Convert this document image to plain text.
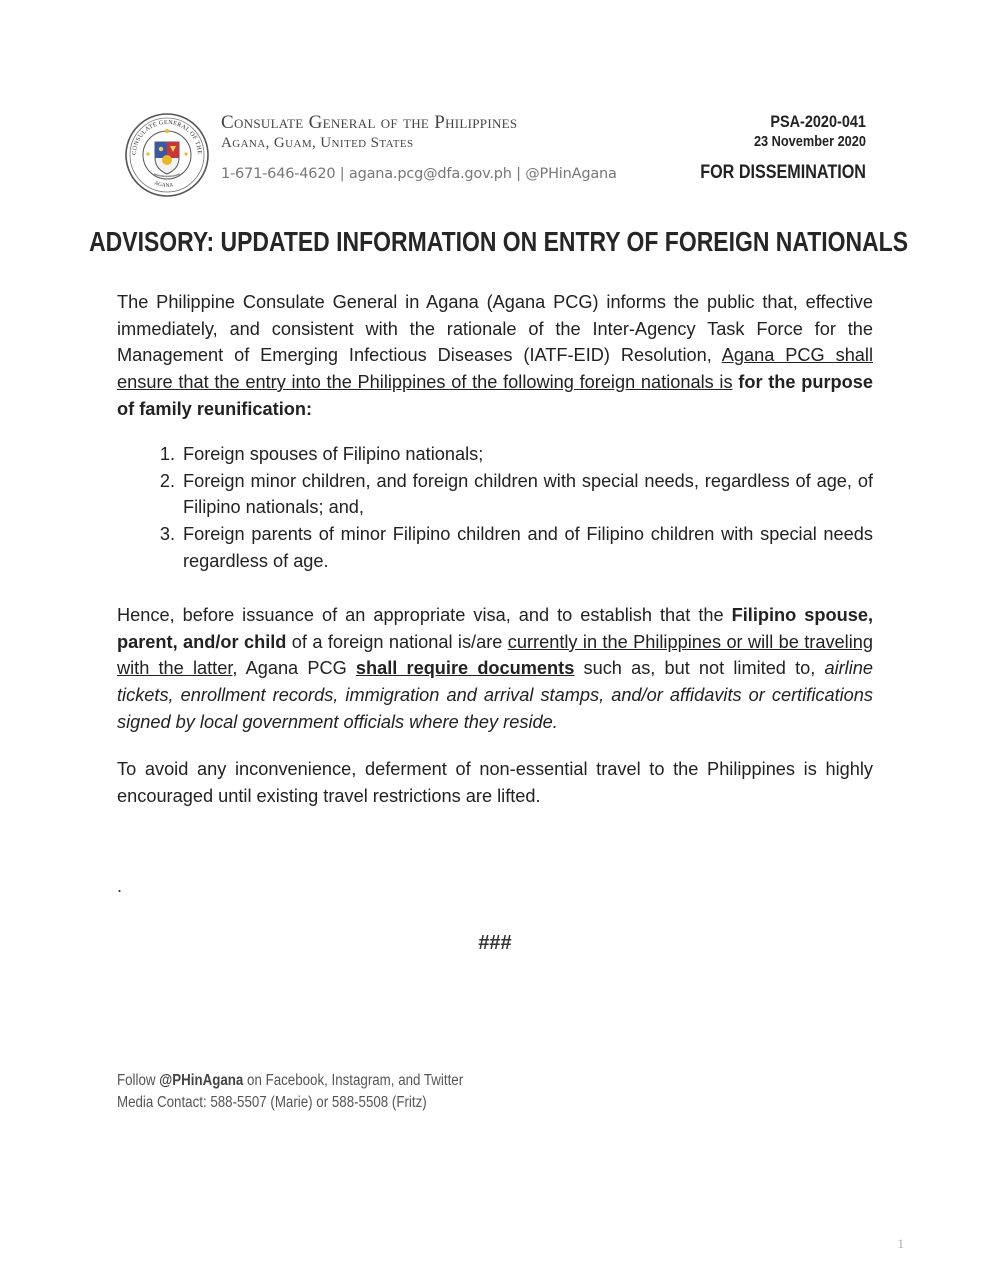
CONSULATE GENERAL OF THE
AGANA
Consulate General of the Philippines
Agana, Guam, United States
1-671-646-4620 | agana.pcg@dfa.gov.ph | @PHinAgana
PSA-2020-041
23 November 2020
FOR DISSEMINATION
ADVISORY: UPDATED INFORMATION ON ENTRY OF FOREIGN NATIONALS
The Philippine Consulate General in Agana (Agana PCG) informs the public that, effective immediately, and consistent with the rationale of the Inter-Agency Task Force for the Management of Emerging Infectious Diseases (IATF-EID) Resolution, Agana PCG shall ensure that the entry into the Philippines of the following foreign nationals is for the purpose of family reunification:
1. Foreign spouses of Filipino nationals;
2. Foreign minor children, and foreign children with special needs, regardless of age, of Filipino nationals; and,
3. Foreign parents of minor Filipino children and of Filipino children with special needs regardless of age.
Hence, before issuance of an appropriate visa, and to establish that the Filipino spouse, parent, and/or child of a foreign national is/are currently in the Philippines or will be traveling with the latter, Agana PCG shall require documents such as, but not limited to, airline tickets, enrollment records, immigration and arrival stamps, and/or affidavits or certifications signed by local government officials where they reside.
To avoid any inconvenience, deferment of non-essential travel to the Philippines is highly encouraged until existing travel restrictions are lifted.
.
###
Follow @PHinAgana on Facebook, Instagram, and Twitter
Media Contact: 588-5507 (Marie) or 588-5508 (Fritz)
1
